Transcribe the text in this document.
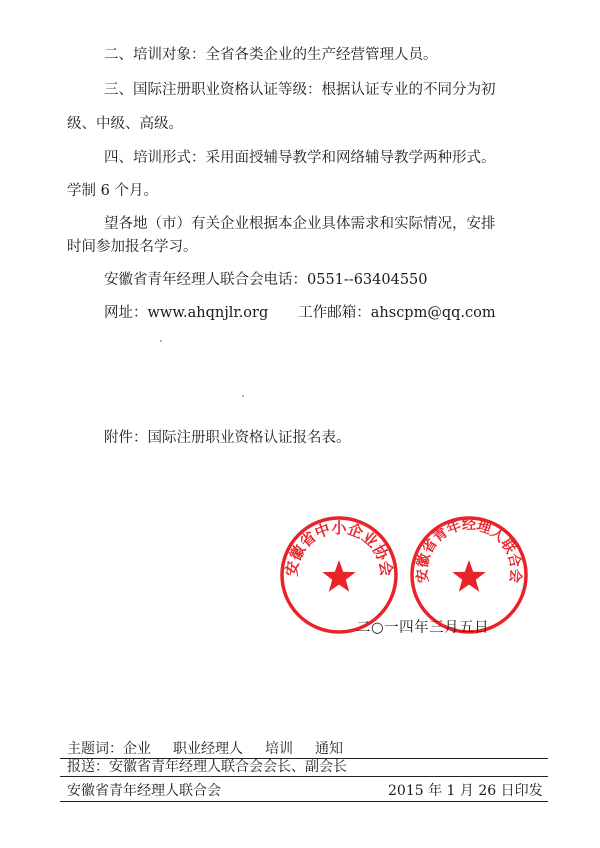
二、培训对象：全省各类企业的生产经营管理人员。
三、国际注册职业资格认证等级：根据认证专业的不同分为初
级、中级、高级。
四、培训形式：采用面授辅导教学和网络辅导教学两种形式。
学制 6 个月。
望各地（市）有关企业根据本企业具体需求和实际情况，安排
时间参加报名学习。
安徽省青年经理人联合会电话：0551--63404550
网址：www.ahqnjlr.org 工作邮箱：ahscpm@qq.com
附件：国际注册职业资格认证报名表。
安徽省中小企业协会 安徽省青年经理人联合会
二○一四年三月五日
主题词：企业 职业经理人 培训 通知
报送：安徽省青年经理人联合会会长、副会长
安徽省青年经理人联合会	2015 年 1 月 26 日印发
